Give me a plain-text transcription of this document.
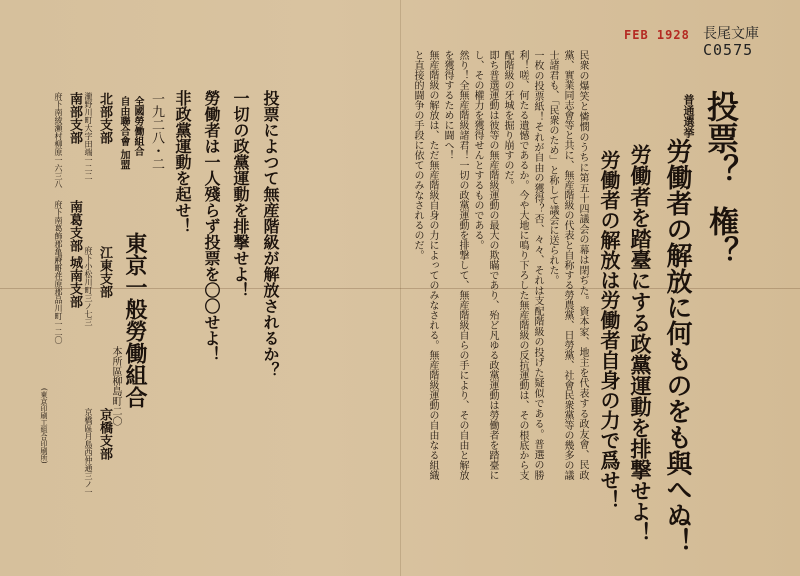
FEB 1928 長尾文庫
C0575
投票？
権？
普通選挙
労働者の解放に何ものをも與へぬ！
労働者を踏臺にする政黨運動を排撃せよ！
労働者の解放は労働者自身の力で爲せ！

民衆の爆笑と憐憫のうちに第五十四議会の幕は閉ぢた。資本家、地主を代表する政友會、民政黨、實業同志會等と共に、無産階級の代表と自称する勞農黨、日勞黨、社會民衆黨等の幾多の議士諸君も、「民衆のため」と称して議会に送られた。

一枚の投票紙！それが自由の獲得？否、々々、それは支配階級の投げた疑似である。普選の勝利！嗟、何たる遺憾であるか。今や大地に鳴り下ろした無産階級の反抗運動は、その根底から支配階級の牙城を掘り崩すのだ。

即ち普選運動は彼等の無産階級運動の最大の欺瞞であり、殆ど凡ゆる政黨運動は勞働者を踏臺にし、その權力を獲得せんとするものである。

然り！全無産階級諸君！一切の政黨運動を排撃して、無産階級自らの手により、その自由と解放を獲得するために闘へ！

無産階級の解放は、ただ無産階級自身の力によってのみなされる。無産階級運動の自由なる組織と直接的闘争の手段に依てのみなされるのだ。

投票によつて無産階級が解放されるか？
一切の政黨運動を排撃せよ！
勞働者は一人殘らず投票を〇〇せよ！
非政黨運動を起せ！
一九二八・二
全國勞働組合
自由聯合會 加盟
東京一般勞働組合
本所區柳島町二〇
北部支部
瀧野川町大字田端一二二
江東支部
府下小松川町三ノ七三
京橋支部
京橋區月島西仲通三ノ一
南部支部
府下南綾瀬村柳原一六三八
南葛支部
府下南葛飾郡亀戸町
城南支部
府下荏原郡品川町一二〇
(東京印刷工組合印刷所)
